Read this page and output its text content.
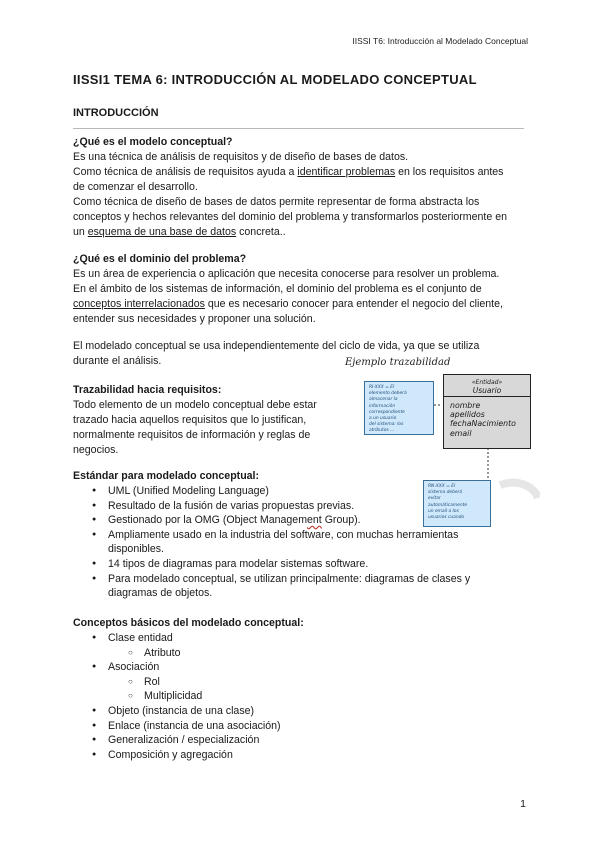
IISSI T6: Introducción al Modelado Conceptual
IISSI1 TEMA 6: INTRODUCCIÓN AL MODELADO CONCEPTUAL
INTRODUCCIÓN
¿Qué es el modelo conceptual?
Es una técnica de análisis de requisitos y de diseño de bases de datos.
Como técnica de análisis de requisitos ayuda a identificar problemas en los requisitos antes
de comenzar el desarrollo.
Como técnica de diseño de bases de datos permite representar de forma abstracta los
conceptos y hechos relevantes del dominio del problema y transformarlos posteriormente en
un esquema de una base de datos concreta..
¿Qué es el dominio del problema?
Es un área de experiencia o aplicación que necesita conocerse para resolver un problema.
En el ámbito de los sistemas de información, el dominio del problema es el conjunto de
conceptos interrelacionados que es necesario conocer para entender el negocio del cliente,
entender sus necesidades y proponer una solución.
El modelado conceptual se usa independientemente del ciclo de vida, ya que se utiliza
durante el análisis.
Trazabilidad hacia requisitos:
Todo elemento de un modelo conceptual debe estar
trazado hacia aquellos requisitos que lo justifican,
normalmente requisitos de información y reglas de
negocios.
Ejemplo trazabilidad
RI-XXX = El
elemento deberá
almacenar la
información
correspondiente
a un usuario
del sistema: los
atributos ...
«Entidad»
Usuario
nombre
apellidos
fechaNacimiento
email
RN-XXX = El
sistema deberá
evitar
automáticamente
un email a los
usuarios cuando
Estándar para modelado conceptual:
● UML (Unified Modeling Language)
● Resultado de la fusión de varias propuestas previas.
● Gestionado por la OMG (Object Management Group).
● Ampliamente usado en la industria del software, con muchas herramientas
disponibles.
● 14 tipos de diagramas para modelar sistemas software.
● Para modelado conceptual, se utilizan principalmente: diagramas de clases y
diagramas de objetos.
Conceptos básicos del modelado conceptual:
● Clase entidad
○ Atributo
● Asociación
○ Rol
○ Multiplicidad
● Objeto (instancia de una clase)
● Enlace (instancia de una asociación)
● Generalización / especialización
● Composición y agregación
1
